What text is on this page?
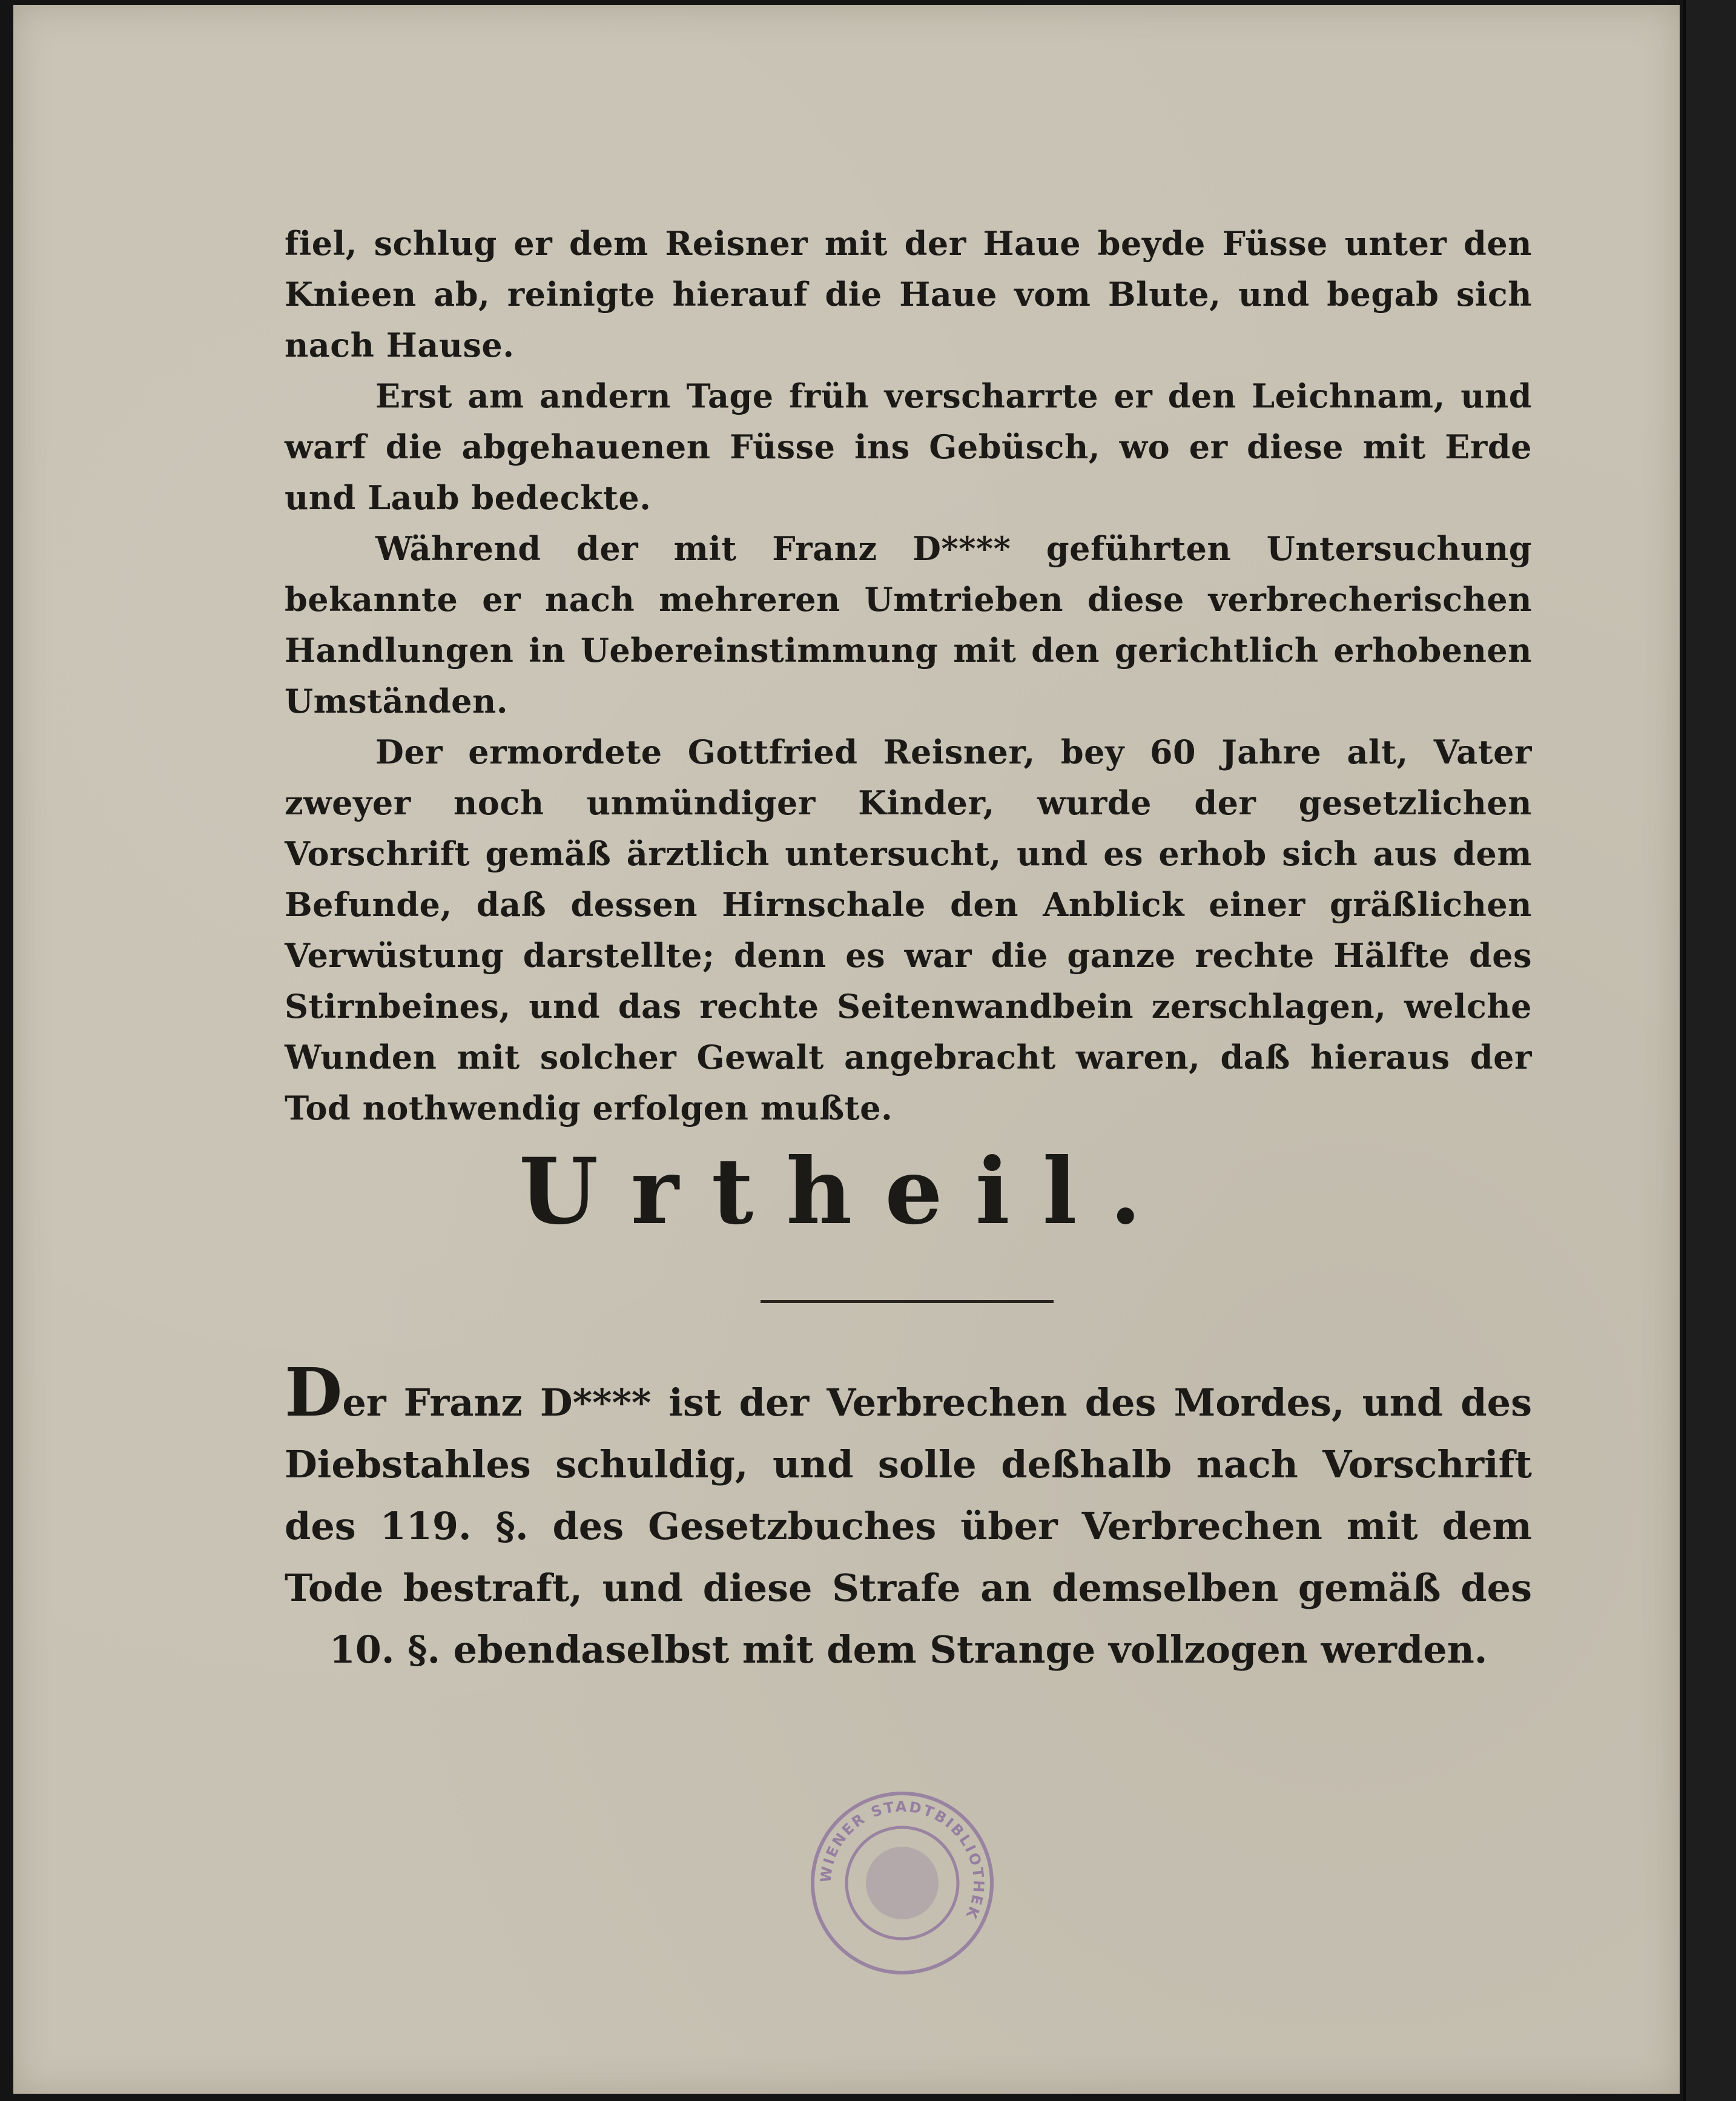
fiel, schlug er dem Reisner mit der Haue beyde Füsse unter den Knieen ab, reinigte hierauf die Haue vom Blute, und begab sich nach Hause.

Erst am andern Tage früh verscharrte er den Leichnam, und warf die abgehauenen Füsse ins Gebüsch, wo er diese mit Erde und Laub bedeckte.

Während der mit Franz D**** geführten Untersuchung bekannte er nach mehreren Umtrieben diese verbrecherischen Handlungen in Uebereinstimmung mit den gerichtlich erhobenen Umständen.

Der ermordete Gottfried Reisner, bey 60 Jahre alt, Vater zweyer noch unmündiger Kinder, wurde der gesetzlichen Vorschrift gemäß ärztlich untersucht, und es erhob sich aus dem Befunde, daß dessen Hirnschale den Anblick einer gräßlichen Verwüstung darstellte; denn es war die ganze rechte Hälfte des Stirnbeines, und das rechte Seitenwandbein zerschlagen, welche Wunden mit solcher Gewalt angebracht waren, daß hieraus der Tod nothwendig erfolgen mußte.

Urtheil.

Der Franz D**** ist der Verbrechen des Mordes, und des Diebstahles schuldig, und solle deßhalb nach Vorschrift des 119. §. des Gesetzbuches über Verbrechen mit dem Tode bestraft, und diese Strafe an demselben gemäß des 10. §. ebendaselbst mit dem Strange vollzogen werden.

WIENER STADTBIBLIOTHEK
